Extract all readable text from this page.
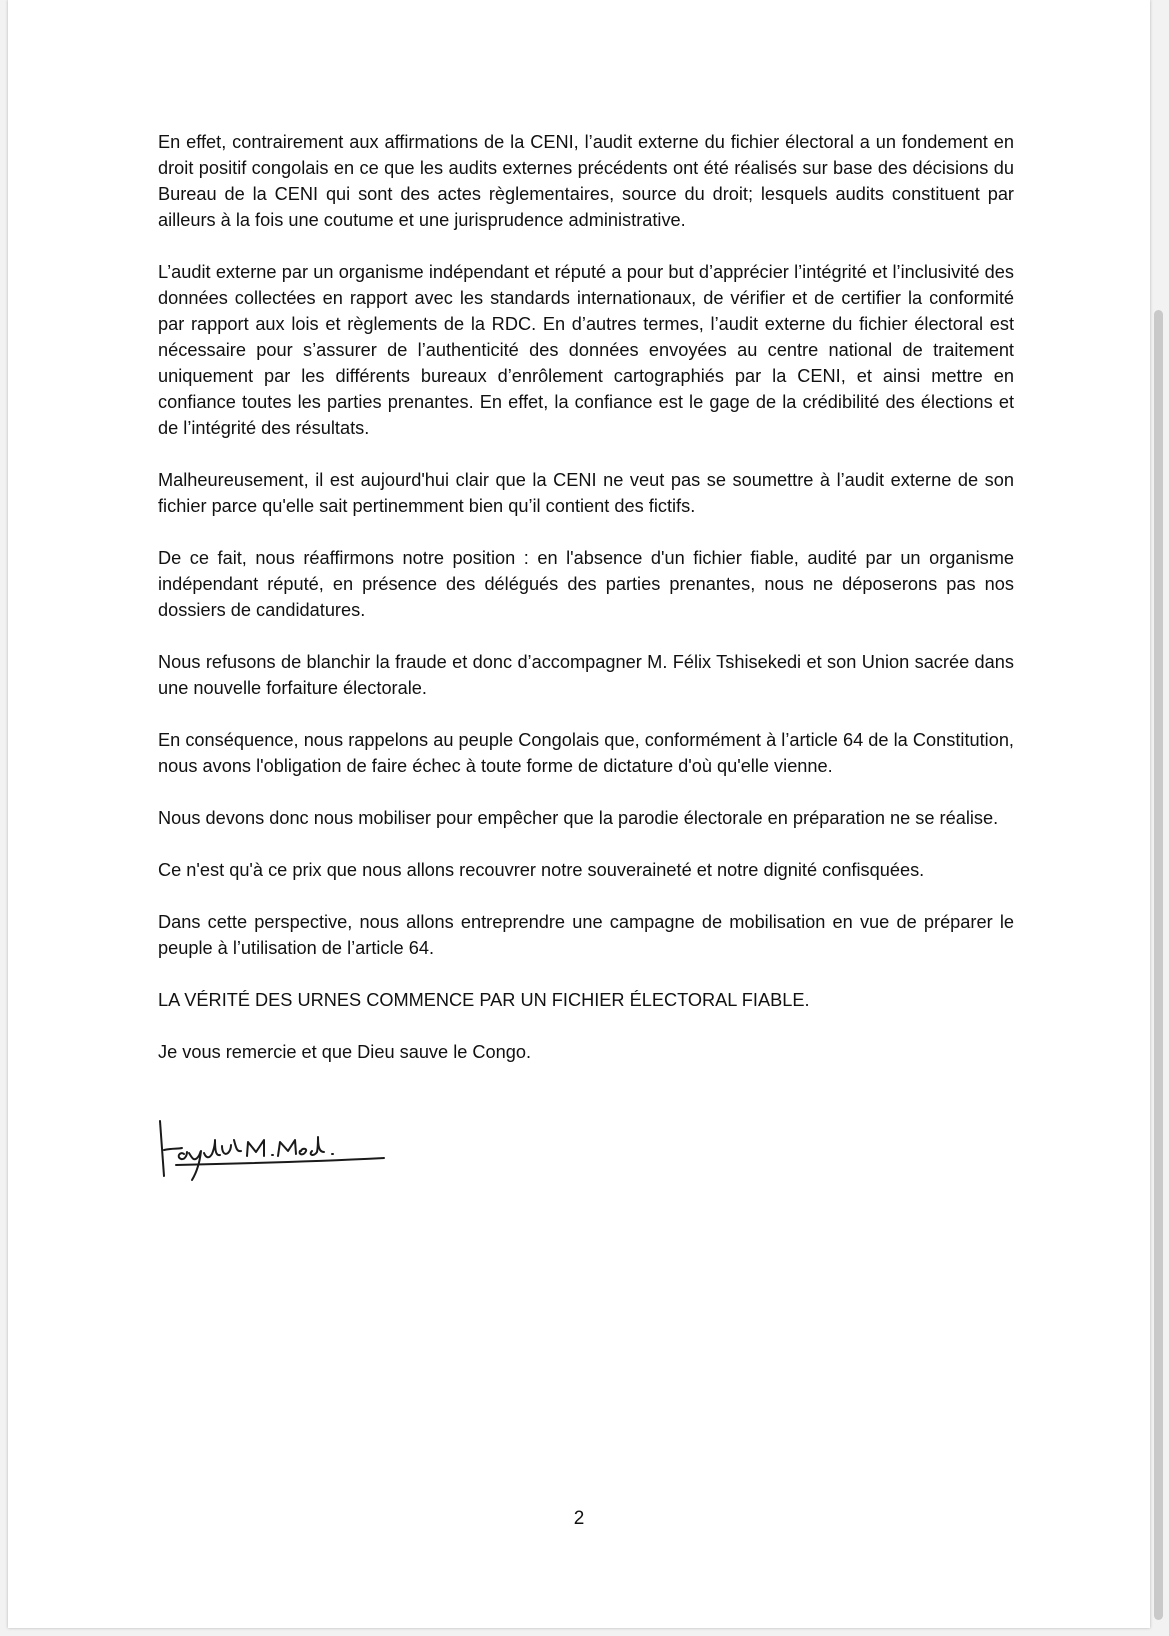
En effet, contrairement aux affirmations de la CENI, l’audit externe du fichier électoral a un fondement en droit positif congolais en ce que les audits externes précédents ont été réalisés sur base des décisions du Bureau de la CENI qui sont des actes règlementaires, source du droit; lesquels audits constituent par ailleurs à la fois une coutume et une jurisprudence administrative.

L’audit externe par un organisme indépendant et réputé a pour but d’apprécier l’intégrité et l’inclusivité des données collectées en rapport avec les standards internationaux, de vérifier et de certifier la conformité par rapport aux lois et règlements de la RDC. En d’autres termes, l’audit externe du fichier électoral est nécessaire pour s’assurer de l’authenticité des données envoyées au centre national de traitement uniquement par les différents bureaux d’enrôlement cartographiés par la CENI, et ainsi mettre en confiance toutes les parties prenantes. En effet, la confiance est le gage de la crédibilité des élections et de l’intégrité des résultats.

Malheureusement, il est aujourd'hui clair que la CENI ne veut pas se soumettre à l’audit externe de son fichier parce qu'elle sait pertinemment bien qu’il contient des fictifs.

De ce fait, nous réaffirmons notre position : en l'absence d'un fichier fiable, audité par un organisme indépendant réputé, en présence des délégués des parties prenantes, nous ne déposerons pas nos dossiers de candidatures.

Nous refusons de blanchir la fraude et donc d’accompagner M. Félix Tshisekedi et son Union sacrée dans une nouvelle forfaiture électorale.

En conséquence, nous rappelons au peuple Congolais que, conformément à l’article 64 de la Constitution, nous avons l'obligation de faire échec à toute forme de dictature d'où qu'elle vienne.

Nous devons donc nous mobiliser pour empêcher que la parodie électorale en préparation ne se réalise.

Ce n'est qu'à ce prix que nous allons recouvrer notre souveraineté et notre dignité confisquées.

Dans cette perspective, nous allons entreprendre une campagne de mobilisation en vue de préparer le peuple à l’utilisation de l’article 64.

LA VÉRITÉ DES URNES COMMENCE PAR UN FICHIER ÉLECTORAL FIABLE.

Je vous remercie et que Dieu sauve le Congo.

2
